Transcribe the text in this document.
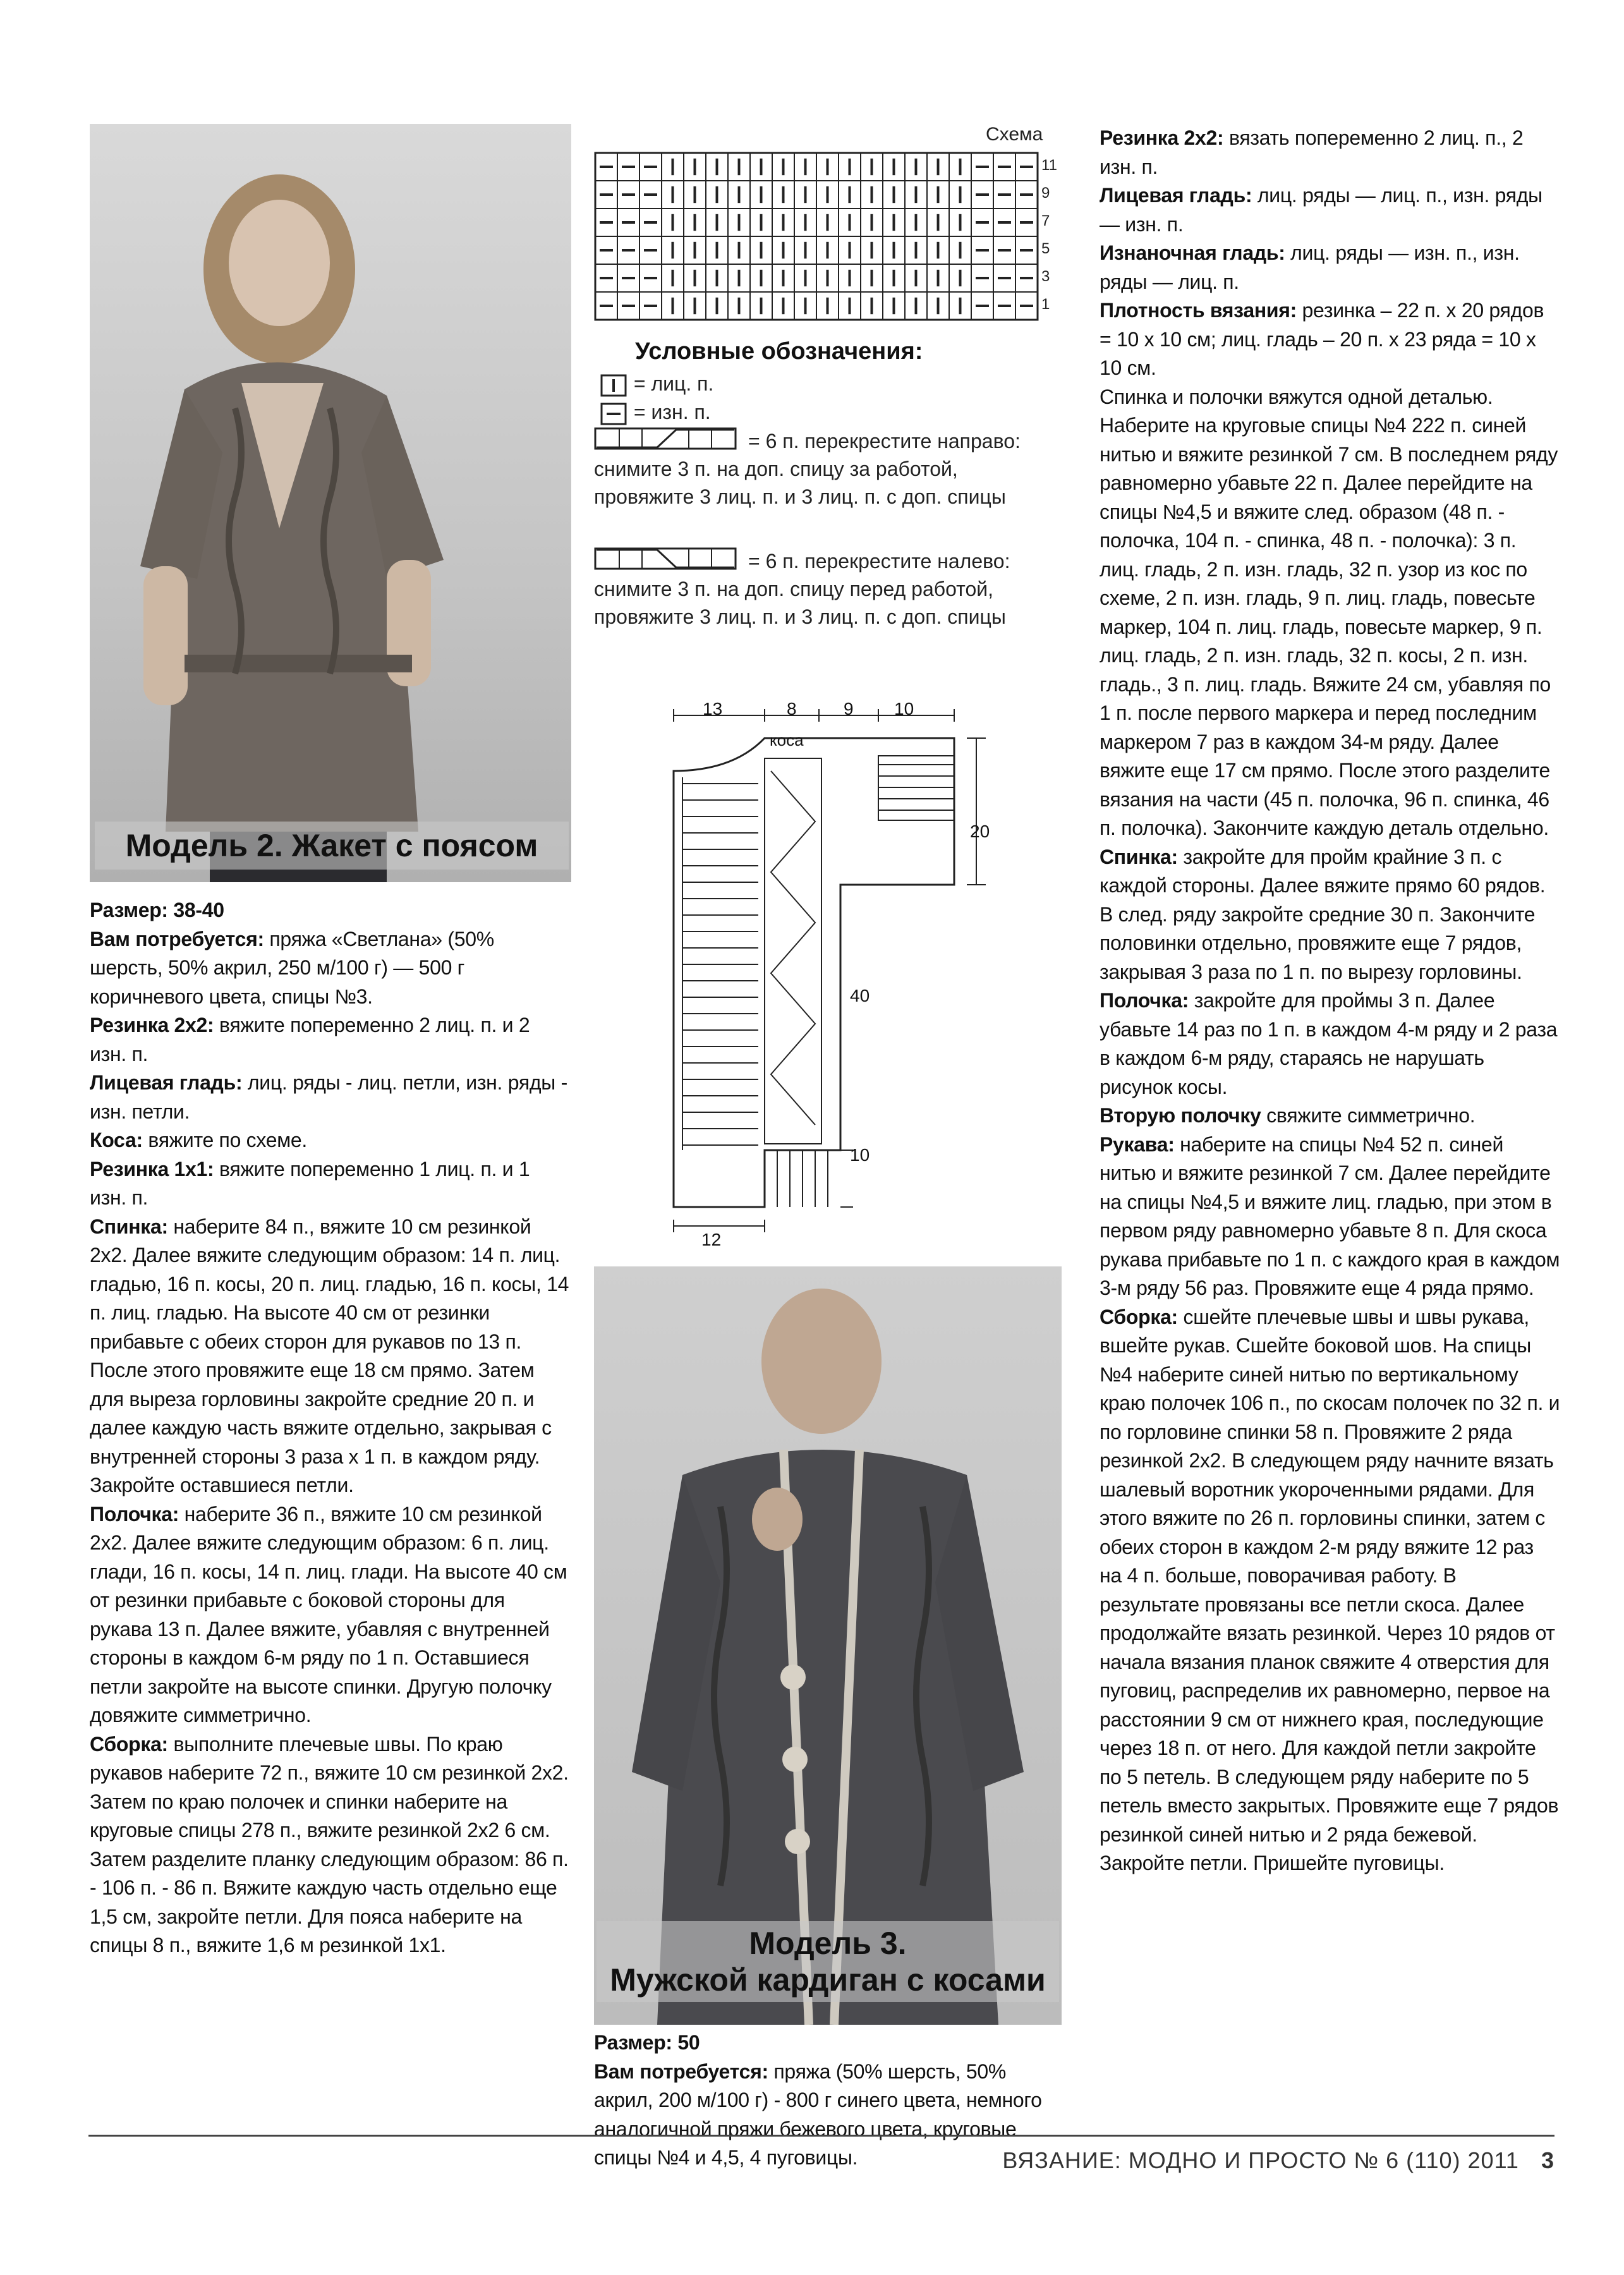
Модель 2. Жакет с поясом

Размер: 38-40

Вам потребуется: пряжа «Светлана» (50% шерсть, 50% акрил, 250 м/100 г) — 500 г коричневого цвета, спицы №3.

Резинка 2х2: вяжите попеременно 2 лиц. п. и 2 изн. п.

Лицевая гладь: лиц. ряды - лиц. петли, изн. ряды - изн. петли.

Коса: вяжите по схеме.

Резинка 1х1: вяжите попеременно 1 лиц. п. и 1 изн. п.

Спинка: наберите 84 п., вяжите 10 см резинкой 2х2. Далее вяжите следующим образом: 14 п. лиц. гладью, 16 п. косы, 20 п. лиц. гладью, 16 п. косы, 14 п. лиц. гладью. На высоте 40 см от резинки прибавьте с обеих сторон для рукавов по 13 п. После этого провяжите еще 18 см прямо. Затем для выреза горловины закройте средние 20 п. и далее каждую часть вяжите отдельно, закрывая с внутренней стороны 3 раза х 1 п. в каждом ряду. Закройте оставшиеся петли.

Полочка: наберите 36 п., вяжите 10 см резинкой 2х2. Далее вяжите следующим образом: 6 п. лиц. глади, 16 п. косы, 14 п. лиц. глади. На высоте 40 см от резинки прибавьте с боковой стороны для рукава 13 п. Далее вяжите, убавляя с внутренней стороны в каждом 6-м ряду по 1 п. Оставшиеся петли закройте на высоте спинки. Другую полочку довяжите симметрично.

Сборка: выполните плечевые швы. По краю рукавов наберите 72 п., вяжите 10 см резинкой 2х2. Затем по краю полочек и спинки наберите на круговые спицы 278 п., вяжите резинкой 2х2 6 см. Затем разделите планку следующим образом: 86 п. - 106 п. - 86 п. Вяжите каждую часть отдельно еще 1,5 см, закройте петли. Для пояса наберите на спицы 8 п., вяжите 1,6 м резинкой 1х1.

Схема
11
9
7
5
3
1
Условные обозначения:
= лиц. п.
= изн. п.
= 6 п. перекрестите направо: снимите 3 п. на доп. спицу за работой, провяжите 3 лиц. п. и 3 лиц. п. с доп. спицы
= 6 п. перекрестите налево: снимите 3 п. на доп. спицу перед работой, провяжите 3 лиц. п. и 3 лиц. п. с доп. спицы
13	8	9 10
коса
20
40
10
12
Модель 3.
Мужской кардиган с косами

Размер: 50

Вам потребуется: пряжа (50% шерсть, 50% акрил, 200 м/100 г) - 800 г синего цвета, немного аналогичной пряжи бежевого цвета, круговые спицы №4 и 4,5, 4 пуговицы.

Резинка 2х2: вязать попеременно 2 лиц. п., 2 изн. п.

Лицевая гладь: лиц. ряды — лиц. п., изн. ряды — изн. п.

Изнаночная гладь: лиц. ряды — изн. п., изн. ряды — лиц. п.

Плотность вязания: резинка – 22 п. х 20 рядов = 10 х 10 см; лиц. гладь – 20 п. х 23 ряда = 10 х 10 см.

Спинка и полочки вяжутся одной деталью. Наберите на круговые спицы №4 222 п. синей нитью и вяжите резинкой 7 см. В последнем ряду равномерно убавьте 22 п. Далее перейдите на спицы №4,5 и вяжите след. образом (48 п. - полочка, 104 п. - спинка, 48 п. - полочка): 3 п. лиц. гладь, 2 п. изн. гладь, 32 п. узор из кос по схеме, 2 п. изн. гладь, 9 п. лиц. гладь, повесьте маркер, 104 п. лиц. гладь, повесьте маркер, 9 п. лиц. гладь, 2 п. изн. гладь, 32 п. косы, 2 п. изн. гладь., 3 п. лиц. гладь. Вяжите 24 см, убавляя по 1 п. после первого маркера и перед последним маркером 7 раз в каждом 34-м ряду. Далее вяжите еще 17 см прямо. После этого разделите вязания на части (45 п. полочка, 96 п. спинка, 46 п. полочка). Закончите каждую деталь отдельно.

Спинка: закройте для пройм крайние 3 п. с каждой стороны. Далее вяжите прямо 60 рядов. В след. ряду закройте средние 30 п. Закончите половинки отдельно, провяжите еще 7 рядов, закрывая 3 раза по 1 п. по вырезу горловины.

Полочка: закройте для проймы 3 п. Далее убавьте 14 раз по 1 п. в каждом 4-м ряду и 2 раза в каждом 6-м ряду, стараясь не нарушать рисунок косы.

Вторую полочку свяжите симметрично.

Рукава: наберите на спицы №4 52 п. синей нитью и вяжите резинкой 7 см. Далее перейдите на спицы №4,5 и вяжите лиц. гладью, при этом в первом ряду равномерно убавьте 8 п. Для скоса рукава прибавьте по 1 п. с каждого края в каждом 3-м ряду 56 раз. Провяжите еще 4 ряда прямо.

Сборка: сшейте плечевые швы и швы рукава, вшейте рукав. Сшейте боковой шов. На спицы №4 наберите синей нитью по вертикальному краю полочек 106 п., по скосам полочек по 32 п. и по горловине спинки 58 п. Провяжите 2 ряда резинкой 2х2. В следующем ряду начните вязать шалевый воротник укороченными рядами. Для этого вяжите по 26 п. горловины спинки, затем с обеих сторон в каждом 2-м ряду вяжите 12 раз на 4 п. больше, поворачивая работу. В результате провязаны все петли скоса. Далее продолжайте вязать резинкой. Через 10 рядов от начала вязания планок свяжите 4 отверстия для пуговиц, распределив их равномерно, первое на расстоянии 9 см от нижнего края, последующие через 18 п. от него. Для каждой петли закройте по 5 петель. В следующем ряду наберите по 5 петель вместо закрытых. Провяжите еще 7 рядов резинкой синей нитью и 2 ряда бежевой. Закройте петли. Пришейте пуговицы.

ВЯЗАНИЕ: МОДНО И ПРОСТО № 6 (110) 2011 3
